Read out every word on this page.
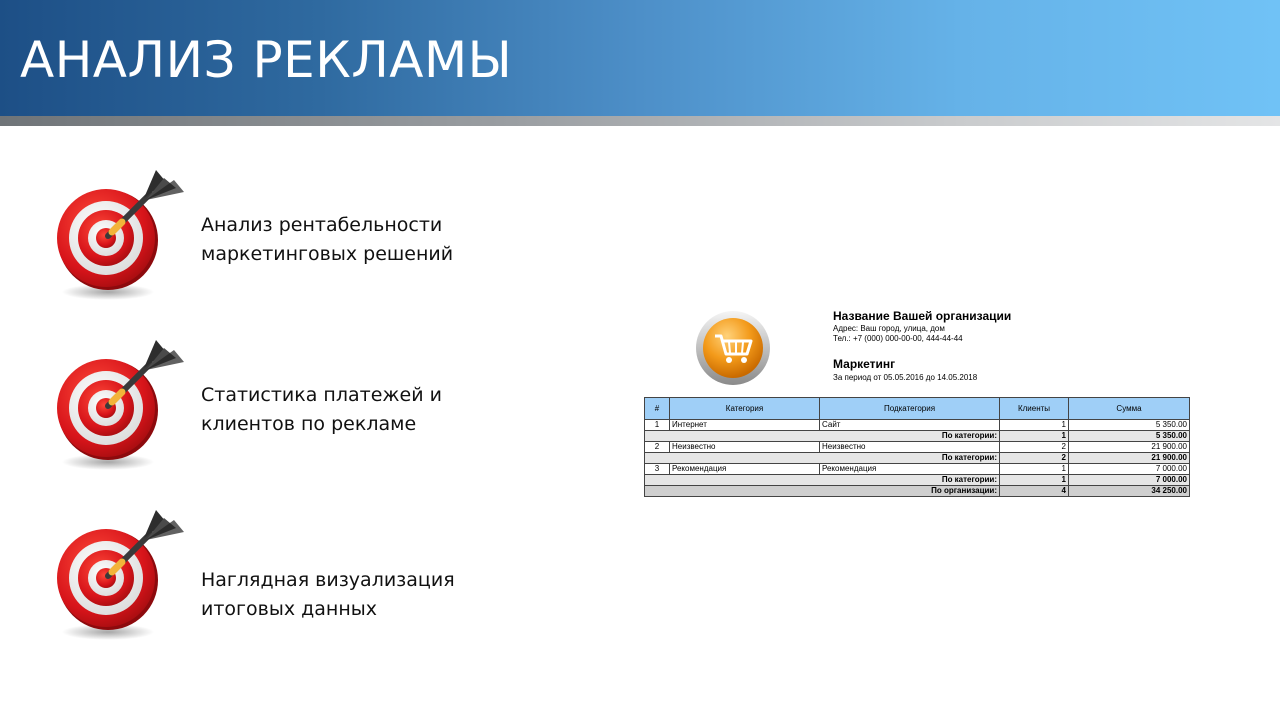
АНАЛИЗ РЕКЛАМЫ
Анализ рентабельности
маркетинговых решений
Статистика платежей и
клиентов по рекламе
Наглядная визуализация
итоговых данных
Название Вашей организации
Адрес: Ваш город, улица, дом
Тел.: +7 (000) 000-00-00, 444-44-44
Маркетинг
За период от 05.05.2016 до 14.05.2018
#	Категория	Подкатегория	Клиенты	Сумма
1	Интернет	Сайт	1	5 350.00
По категории:			1	5 350.00
2	Неизвестно	Неизвестно	2	21 900.00
По категории:			2	21 900.00
3	Рекомендация	Рекомендация	1	7 000.00
По категории:			1	7 000.00
По организации:			4	34 250.00
